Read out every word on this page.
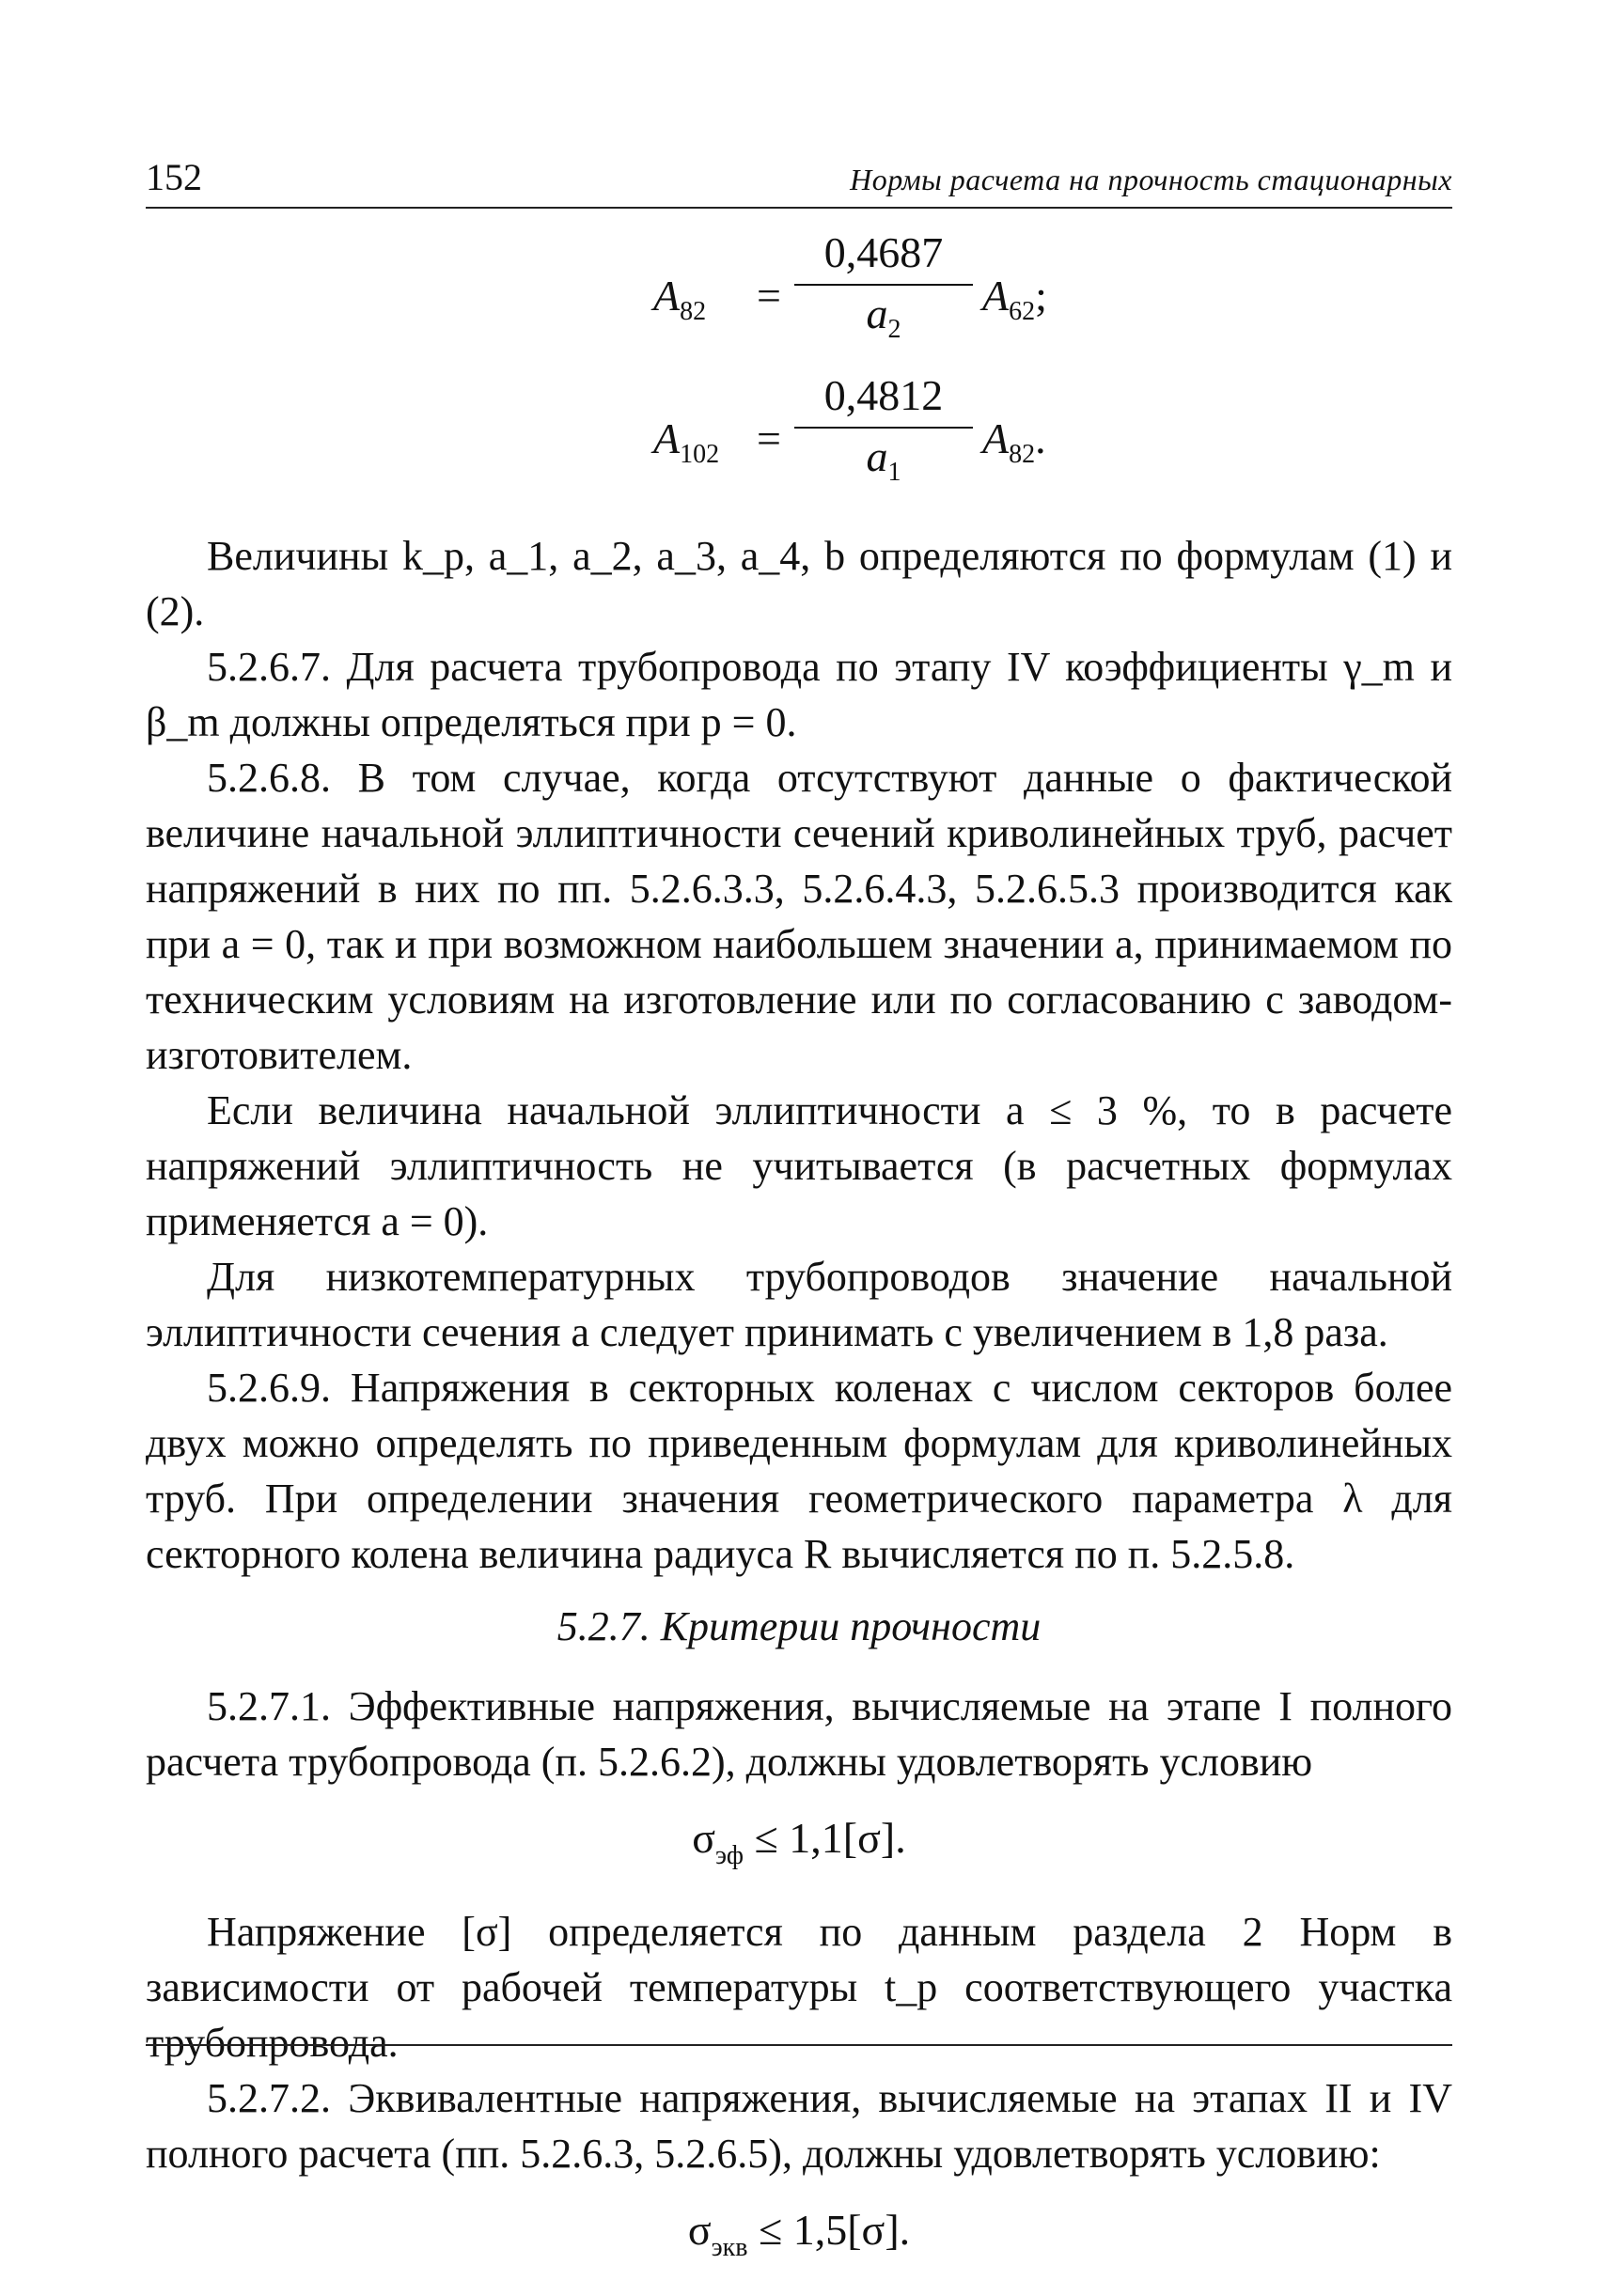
152	Нормы расчета на прочность стационарных
$A_{82} = \frac{0,4687}{a_2} A_{62}$;
$A_{102} = \frac{0,4812}{a_1} A_{82}$.

Величины k_p, a_1, a_2, a_3, a_4, b определяются по формулам (1) и (2).

5.2.6.7. Для расчета трубопровода по этапу IV коэффициенты γ_m и β_m должны определяться при p = 0.

5.2.6.8. В том случае, когда отсутствуют данные о фактической величине начальной эллиптичности сечений криволинейных труб, расчет напряжений в них по пп. 5.2.6.3.3, 5.2.6.4.3, 5.2.6.5.3 производится как при a = 0, так и при возможном наибольшем значении a, принимаемом по техническим условиям на изготовление или по согласованию с заводом-изготовителем.

Если величина начальной эллиптичности a ≤ 3 %, то в расчете напряжений эллиптичность не учитывается (в расчетных формулах применяется a = 0).

Для низкотемпературных трубопроводов значение начальной эллиптичности сечения a следует принимать с увеличением в 1,8 раза.

5.2.6.9. Напряжения в секторных коленах с числом секторов более двух можно определять по приведенным формулам для криволинейных труб. При определении значения геометрического параметра λ для секторного колена величина радиуса R вычисляется по п. 5.2.5.8.

5.2.7. Критерии прочности

5.2.7.1. Эффективные напряжения, вычисляемые на этапе I полного расчета трубопровода (п. 5.2.6.2), должны удовлетворять условию

$\sigma_{эф} \le 1,1[\sigma]$.

Напряжение [σ] определяется по данным раздела 2 Норм в зависимости от рабочей температуры t_р соответствующего участка трубопровода.

5.2.7.2. Эквивалентные напряжения, вычисляемые на этапах II и IV полного расчета (пп. 5.2.6.3, 5.2.6.5), должны удовлетворять условию:

$\sigma_{экв} \le 1,5[\sigma]$.
